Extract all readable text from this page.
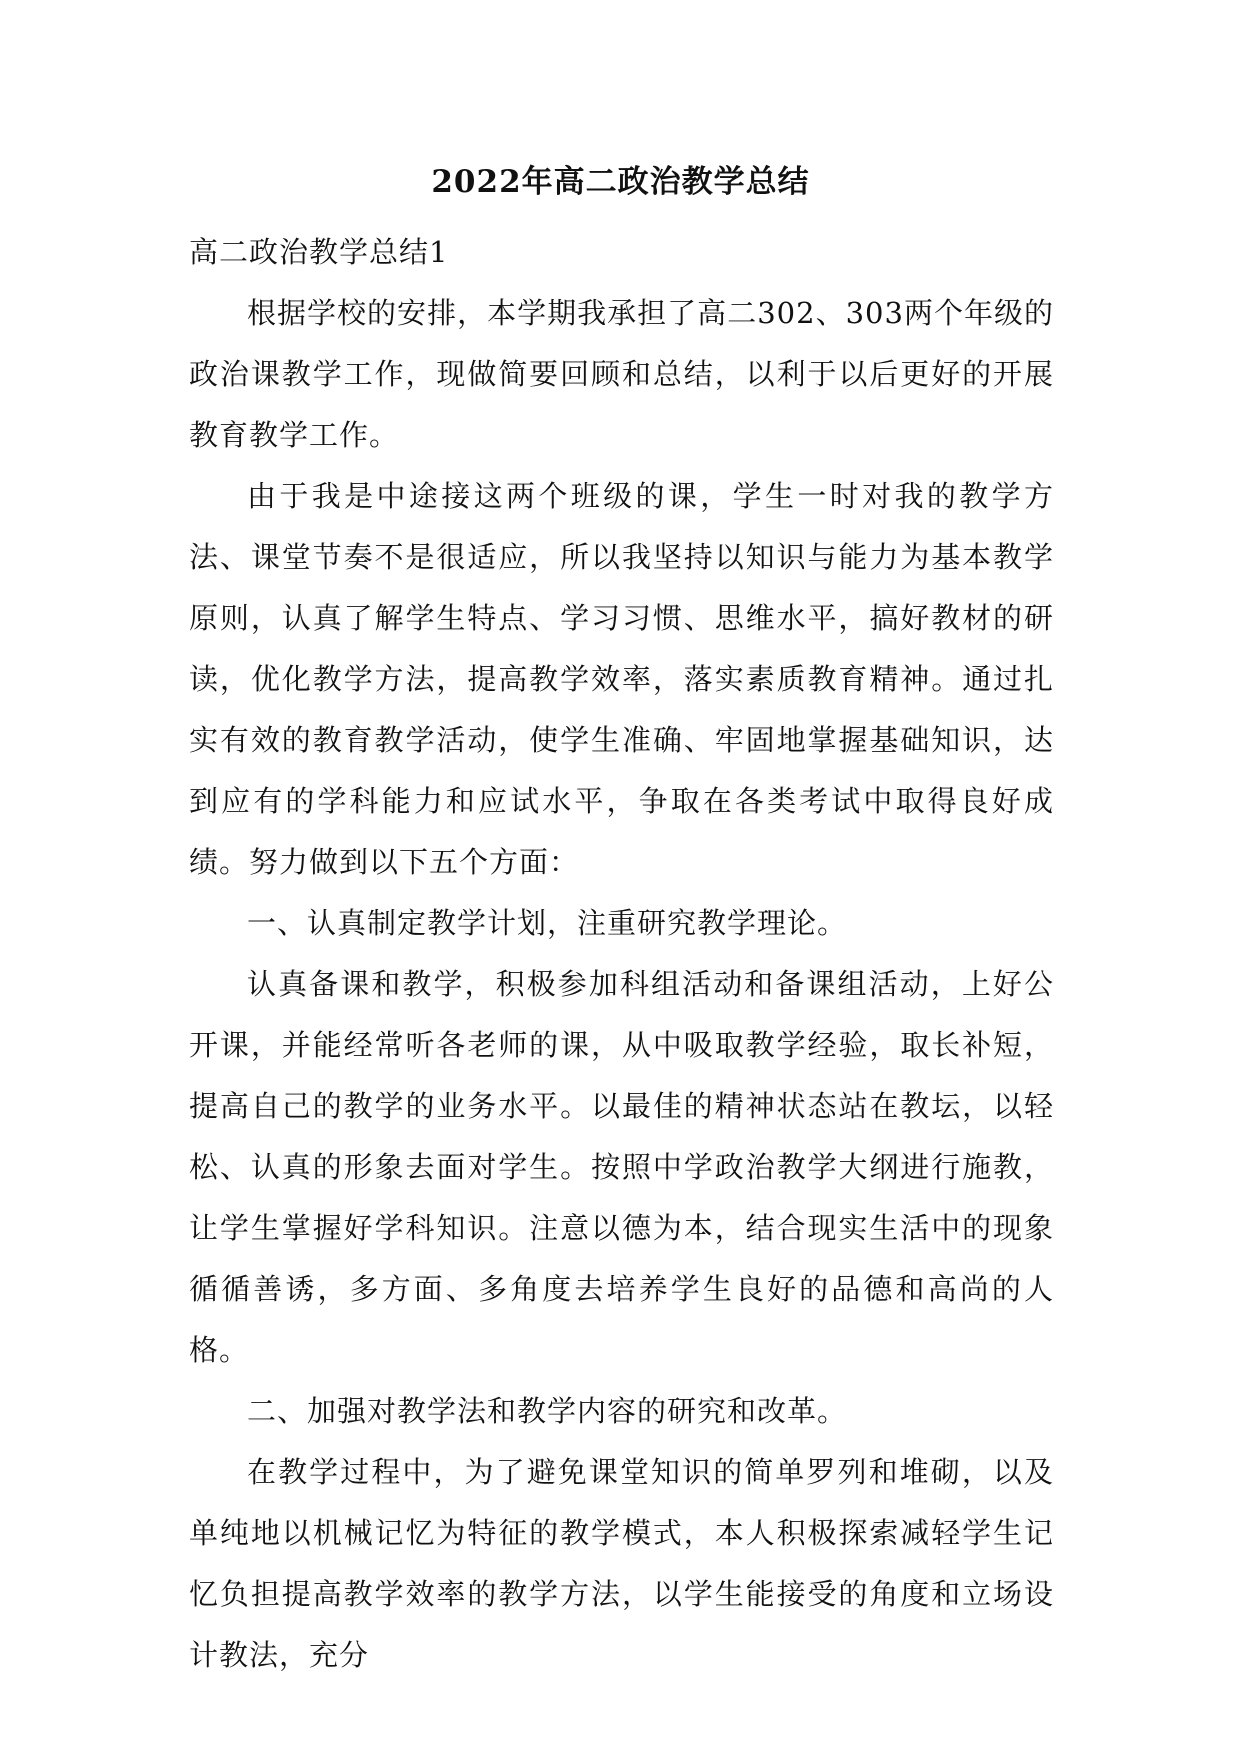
2022年高二政治教学总结

高二政治教学总结1

根据学校的安排，本学期我承担了高二302、303两个年级的政治课教学工作，现做简要回顾和总结，以利于以后更好的开展教育教学工作。

由于我是中途接这两个班级的课，学生一时对我的教学方法、课堂节奏不是很适应，所以我坚持以知识与能力为基本教学原则，认真了解学生特点、学习习惯、思维水平，搞好教材的研读，优化教学方法，提高教学效率，落实素质教育精神。通过扎实有效的教育教学活动，使学生准确、牢固地掌握基础知识，达到应有的学科能力和应试水平，争取在各类考试中取得良好成绩。努力做到以下五个方面：

一、认真制定教学计划，注重研究教学理论。

认真备课和教学，积极参加科组活动和备课组活动，上好公开课，并能经常听各老师的课，从中吸取教学经验，取长补短，提高自己的教学的业务水平。以最佳的精神状态站在教坛，以轻松、认真的形象去面对学生。按照中学政治教学大纲进行施教，让学生掌握好学科知识。注意以德为本，结合现实生活中的现象循循善诱，多方面、多角度去培养学生良好的品德和高尚的人格。

二、加强对教学法和教学内容的研究和改革。

在教学过程中，为了避免课堂知识的简单罗列和堆砌，以及单纯地以机械记忆为特征的教学模式，本人积极探索减轻学生记忆负担提高教学效率的教学方法，以学生能接受的角度和立场设计教法，充分
